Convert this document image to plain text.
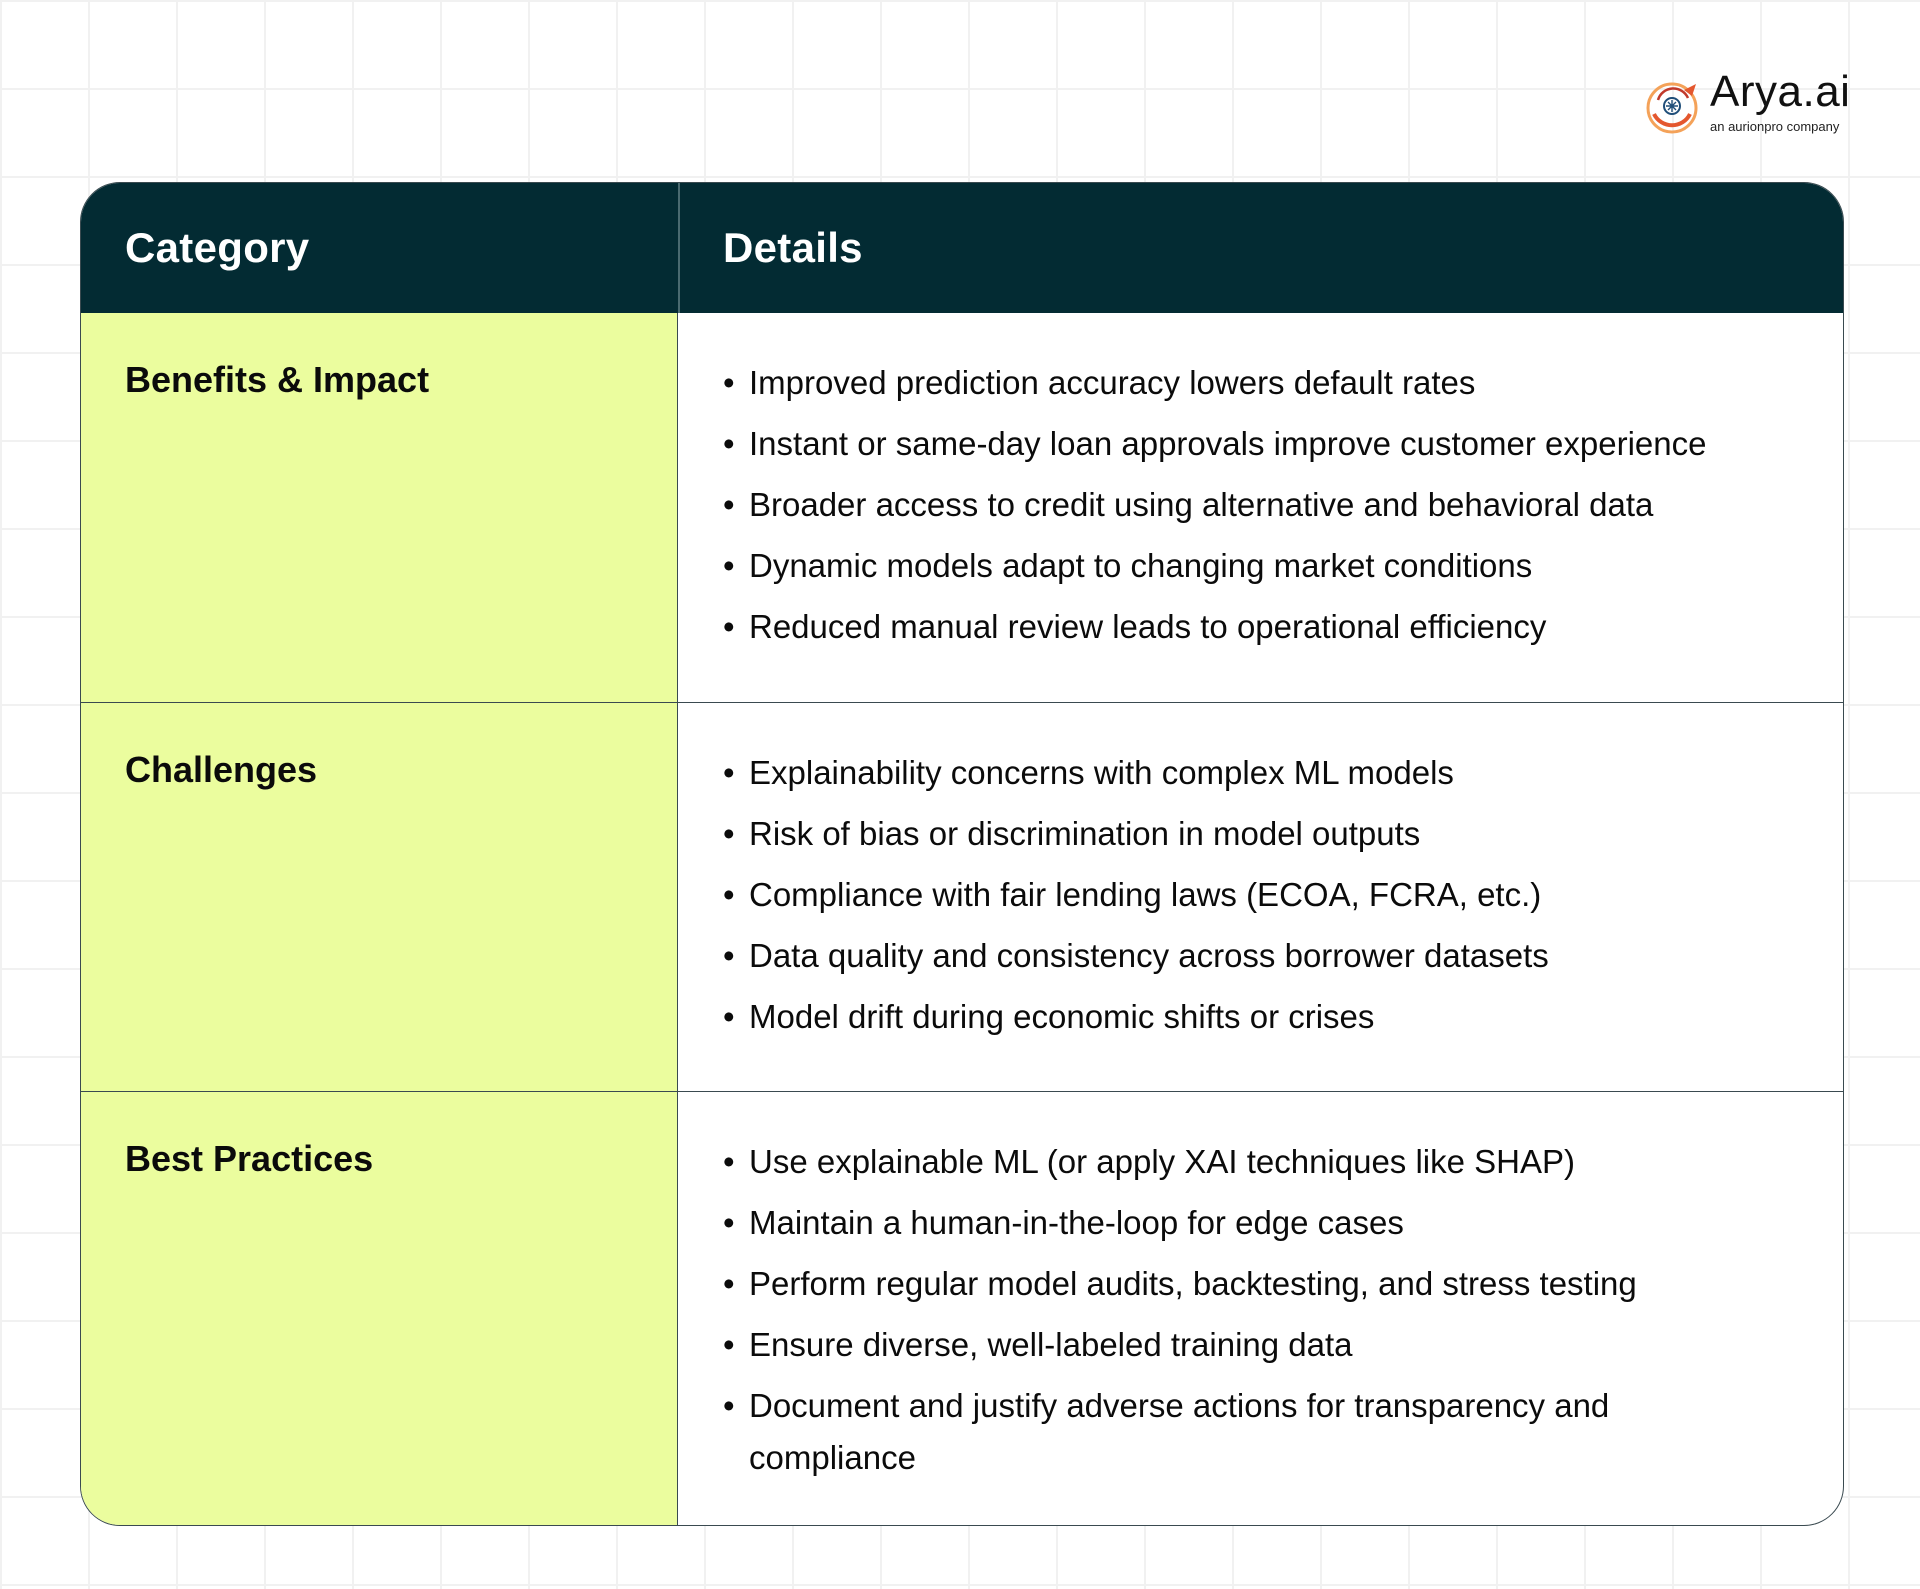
Arya.ai
an aurionpro company
Category	Details
Benefits & Impact	• Improved prediction accuracy lowers default rates
• Instant or same-day loan approvals improve customer experience
• Broader access to credit using alternative and behavioral data
• Dynamic models adapt to changing market conditions
• Reduced manual review leads to operational efficiency
Challenges	• Explainability concerns with complex ML models
• Risk of bias or discrimination in model outputs
• Compliance with fair lending laws (ECOA, FCRA, etc.)
• Data quality and consistency across borrower datasets
• Model drift during economic shifts or crises
Best Practices	• Use explainable ML (or apply XAI techniques like SHAP)
• Maintain a human-in-the-loop for edge cases
• Perform regular model audits, backtesting, and stress testing
• Ensure diverse, well-labeled training data
• Document and justify adverse actions for transparency and compliance
